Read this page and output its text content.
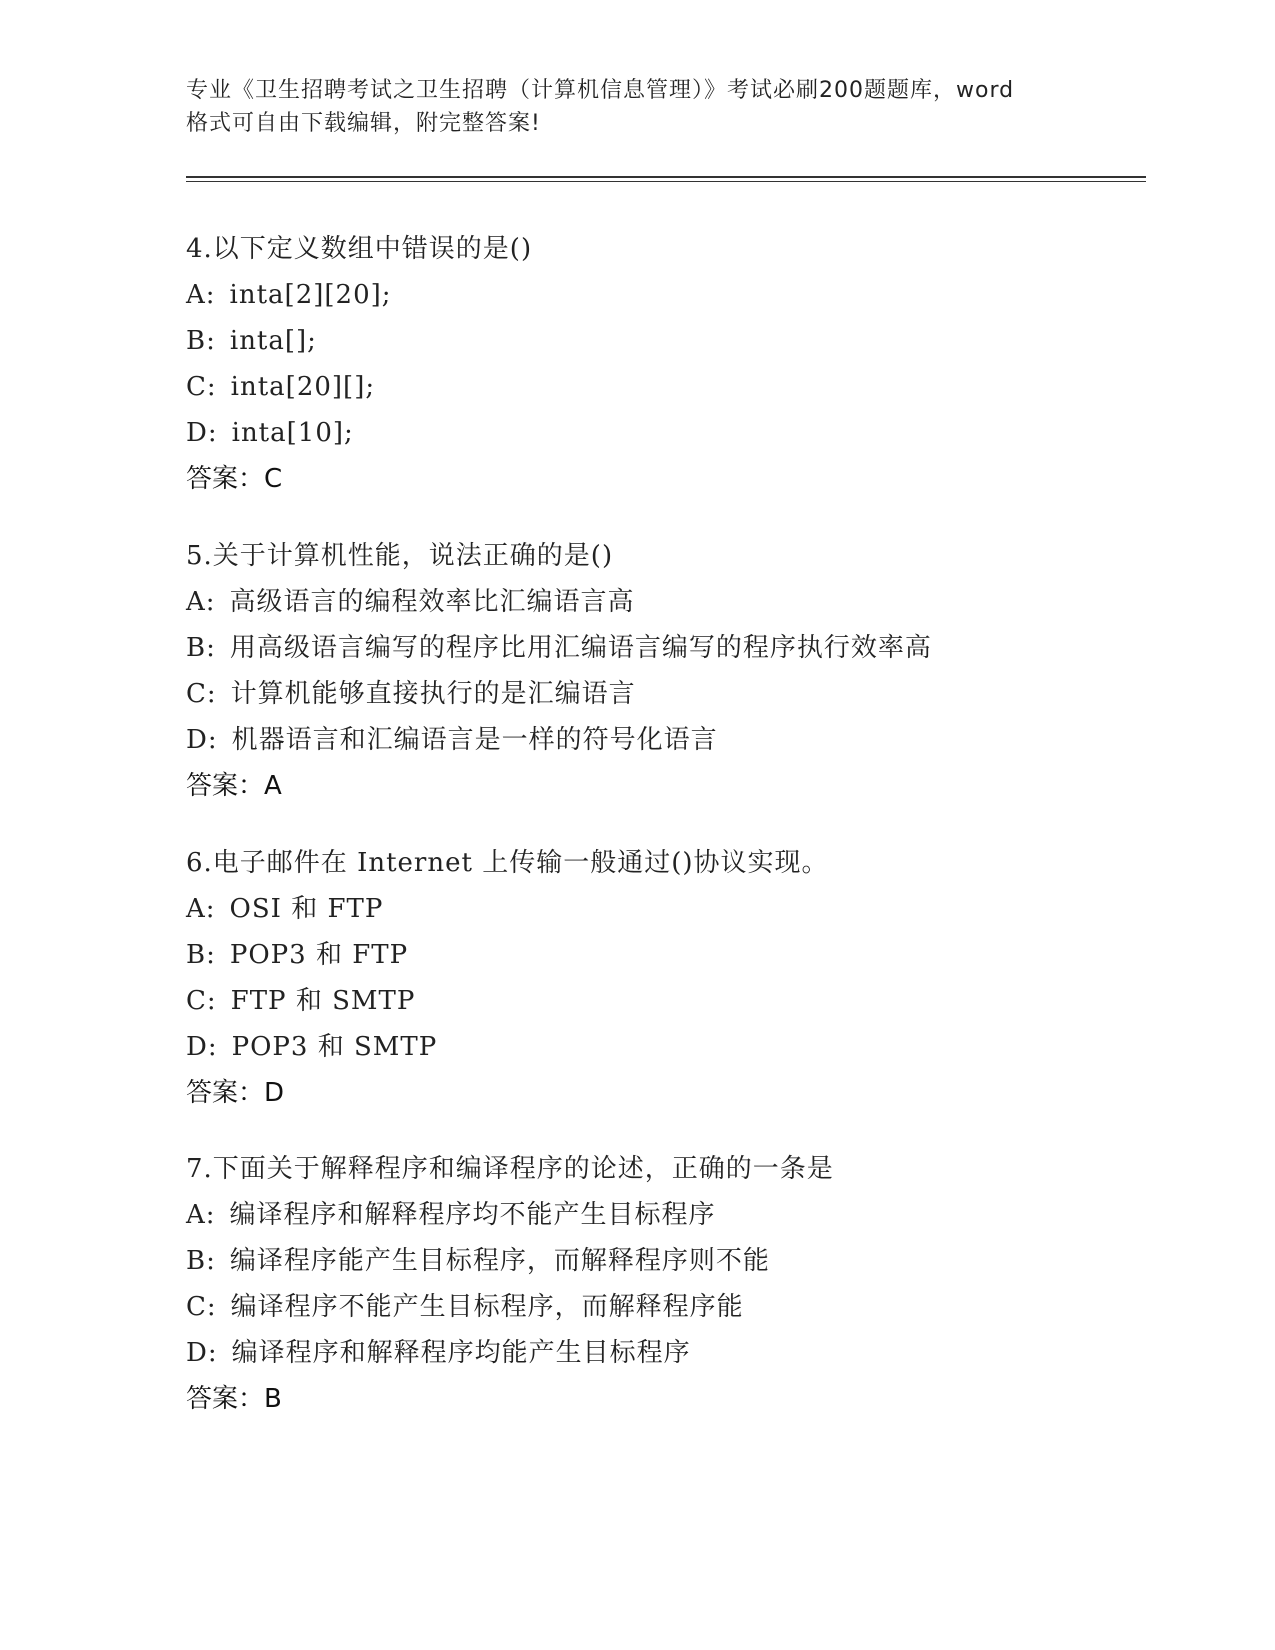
专业《卫生招聘考试之卫生招聘（计算机信息管理）》考试必刷200题题库，word
格式可自由下载编辑，附完整答案!
4.以下定义数组中错误的是()
A: inta[2][20];
B: inta[];
C: inta[20][];
D: inta[10];
答案：C
5.关于计算机性能，说法正确的是()
A: 高级语言的编程效率比汇编语言高
B: 用高级语言编写的程序比用汇编语言编写的程序执行效率高
C: 计算机能够直接执行的是汇编语言
D: 机器语言和汇编语言是一样的符号化语言
答案：A
6.电子邮件在 Internet 上传输一般通过()协议实现。
A: OSI 和 FTP
B: POP3 和 FTP
C: FTP 和 SMTP
D: POP3 和 SMTP
答案：D
7.下面关于解释程序和编译程序的论述，正确的一条是
A: 编译程序和解释程序均不能产生目标程序
B: 编译程序能产生目标程序，而解释程序则不能
C: 编译程序不能产生目标程序，而解释程序能
D: 编译程序和解释程序均能产生目标程序
答案：B
